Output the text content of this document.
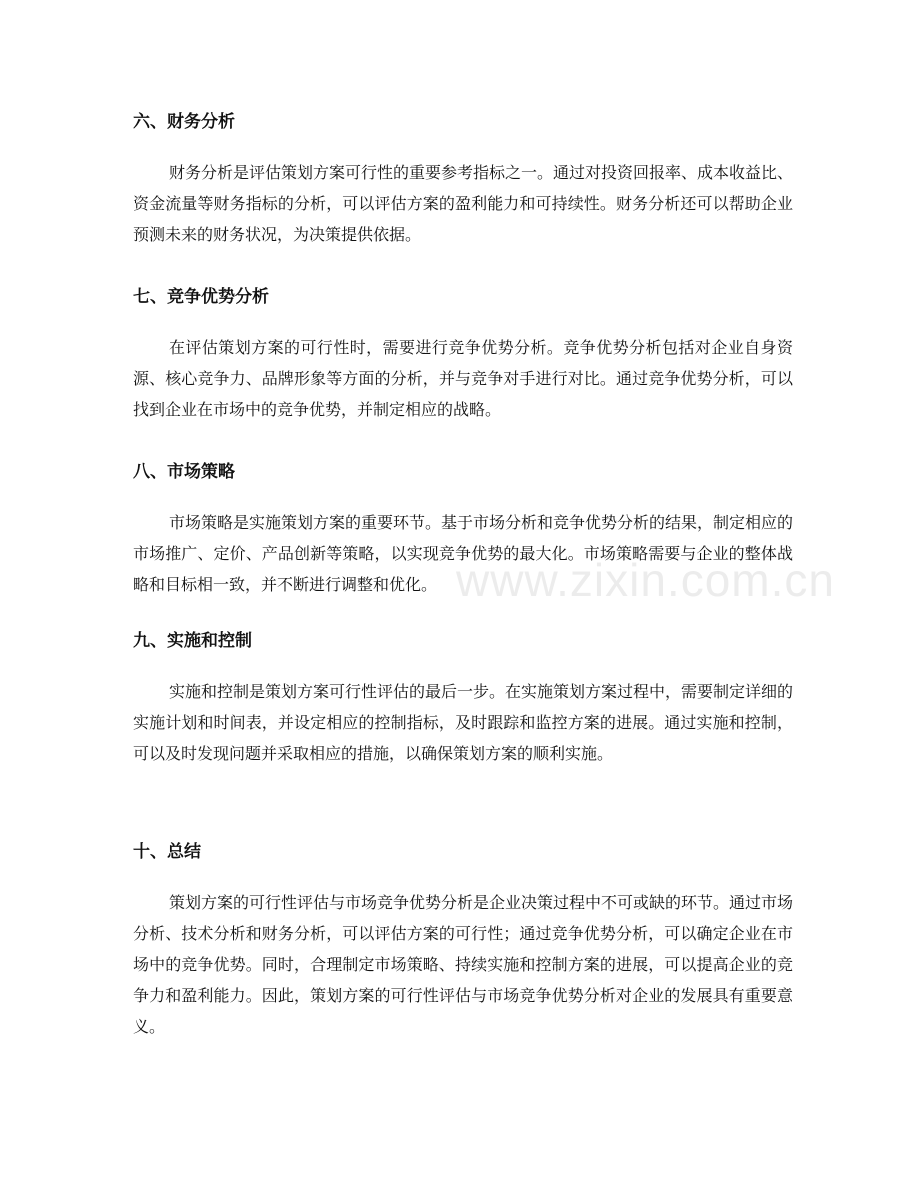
六、财务分析

财务分析是评估策划方案可行性的重要参考指标之一。通过对投资回报率、成本收益比、资金流量等财务指标的分析，可以评估方案的盈利能力和可持续性。财务分析还可以帮助企业预测未来的财务状况，为决策提供依据。

七、竞争优势分析

在评估策划方案的可行性时，需要进行竞争优势分析。竞争优势分析包括对企业自身资源、核心竞争力、品牌形象等方面的分析，并与竞争对手进行对比。通过竞争优势分析，可以找到企业在市场中的竞争优势，并制定相应的战略。

八、市场策略

市场策略是实施策划方案的重要环节。基于市场分析和竞争优势分析的结果，制定相应的市场推广、定价、产品创新等策略，以实现竞争优势的最大化。市场策略需要与企业的整体战略和目标相一致，并不断进行调整和优化。

九、实施和控制

实施和控制是策划方案可行性评估的最后一步。在实施策划方案过程中，需要制定详细的实施计划和时间表，并设定相应的控制指标，及时跟踪和监控方案的进展。通过实施和控制，可以及时发现问题并采取相应的措施，以确保策划方案的顺利实施。

十、总结

策划方案的可行性评估与市场竞争优势分析是企业决策过程中不可或缺的环节。通过市场分析、技术分析和财务分析，可以评估方案的可行性；通过竞争优势分析，可以确定企业在市场中的竞争优势。同时，合理制定市场策略、持续实施和控制方案的进展，可以提高企业的竞争力和盈利能力。因此，策划方案的可行性评估与市场竞争优势分析对企业的发展具有重要意义。

www.zixin.com.cn
